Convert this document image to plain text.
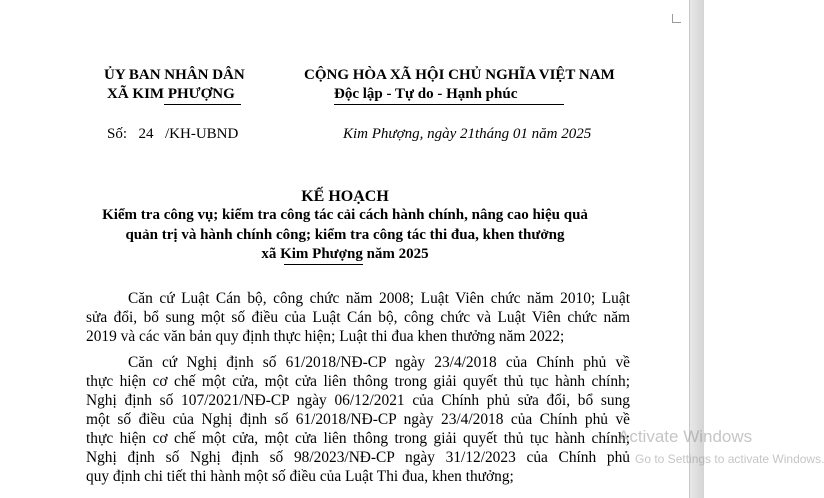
ỦY BAN NHÂN DÂN
XÃ KIM PHƯỢNG
Số: 24 /KH-UBND
CỘNG HÒA XÃ HỘI CHỦ NGHĨA VIỆT NAM
Độc lập - Tự do - Hạnh phúc
Kim Phượng, ngày 21tháng 01 năm 2025
KẾ HOẠCH
Kiểm tra công vụ; kiểm tra công tác cải cách hành chính, nâng cao hiệu quả
quản trị và hành chính công; kiểm tra công tác thi đua, khen thưởng
xã Kim Phượng năm 2025
Căn cứ Luật Cán bộ, công chức năm 2008; Luật Viên chức năm 2010; Luật
sửa đổi, bổ sung một số điều của Luật Cán bộ, công chức và Luật Viên chức năm
2019 và các văn bản quy định thực hiện; Luật thi đua khen thưởng năm 2022;
Căn cứ Nghị định số 61/2018/NĐ-CP ngày 23/4/2018 của Chính phủ về
thực hiện cơ chế một cửa, một cửa liên thông trong giải quyết thủ tục hành chính;
Nghị định số 107/2021/NĐ-CP ngày 06/12/2021 của Chính phủ sửa đổi, bổ sung
một số điều của Nghị định số 61/2018/NĐ-CP ngày 23/4/2018 của Chính phủ về
thực hiện cơ chế một cửa, một cửa liên thông trong giải quyết thủ tục hành chính;
Nghị định số Nghị định số 98/2023/NĐ-CP ngày 31/12/2023 của Chính phủ
quy định chi tiết thi hành một số điều của Luật Thi đua, khen thưởng;
Activate Windows
Go to Settings to activate Windows.
